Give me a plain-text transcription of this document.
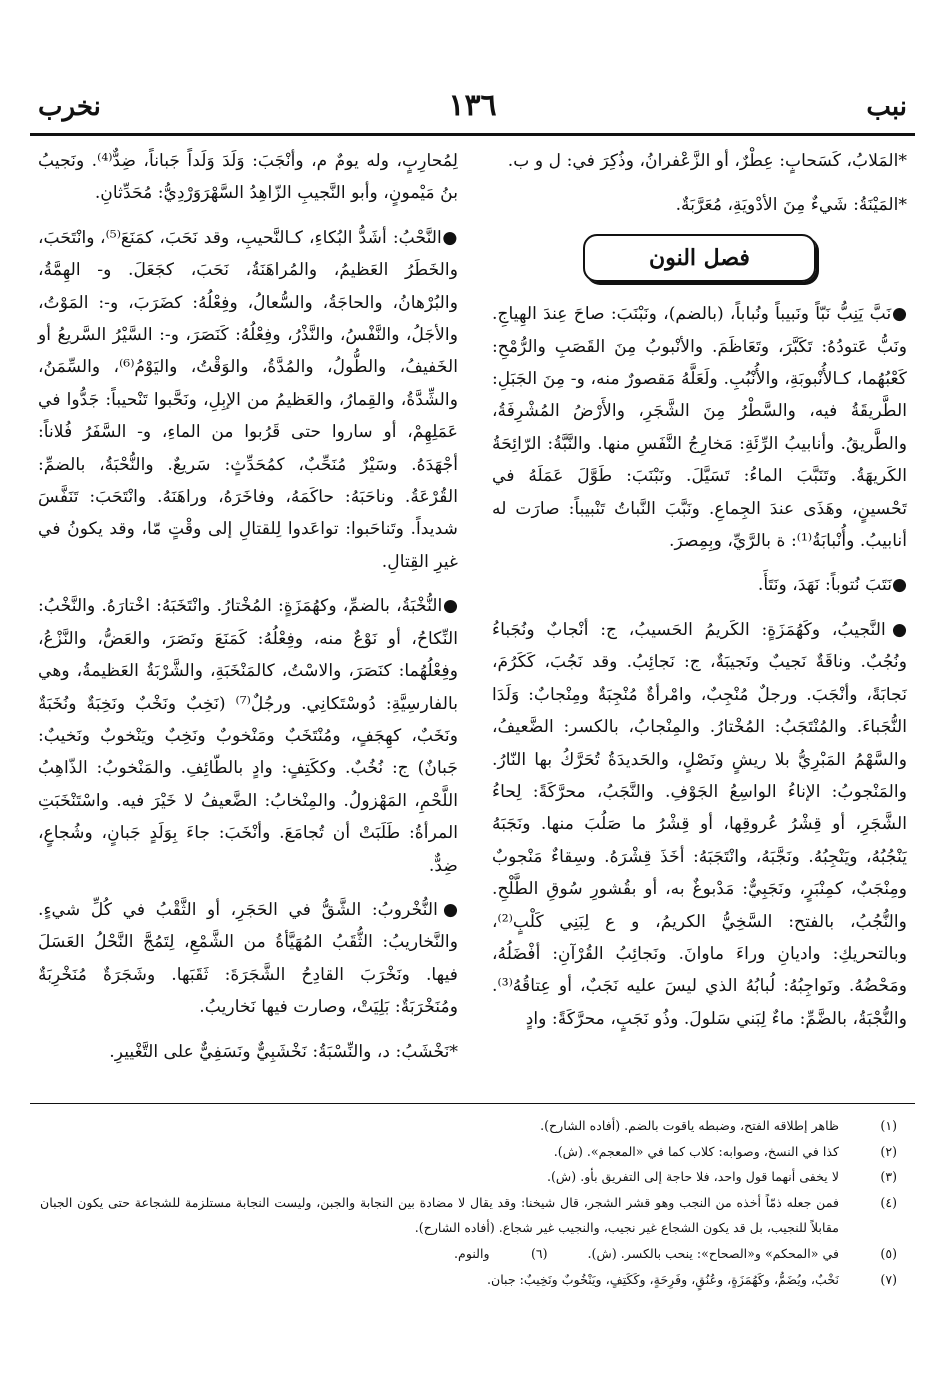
نبب
١٣٦
نخرب

*المَلابُ، كَسَحابٍ: عِطْرٌ، أو الزَّعْفرانُ، وذُكِرَ في: ل و ب.

*المَيْنَةُ: شَيءٌ مِنَ الأدْويَةِ، مُعَرَّبَةٌ.

فصل النون

●نَبَّ يَنِبُّ نَبّاً ونَبيباً ونُباباً، (بالضم)، ونَبْنَبَ: صاحَ عِندَ الهِياجِ. ونَبُّ عَتودُهُ: تَكَبَّرَ، وتَعَاظَمَ. والأنْبوبُ مِنَ القَصَبِ والرُّمْحِ: كَعْبُهُما، كـالأُنْبوبَةِ، والأُنْبُبِ. ولَعَلَّهُ مَقصورٌ منه، و- مِنَ الجَبَلِ: الطَّريقَةُ فيه، والسَّطْرُ مِنَ الشَّجَرِ، والأَرْضُ المُشْرِفَةُ، والطَّريقُ. وأنابيبُ الرِّئَةِ: مَخارِجُ النَّفَسِ منها. والنَّبَّةُ: الرّائِحَةُ الكَريهَةُ. وتَنَبَّبَ الماءُ: تَسَيَّلَ. ونَبْنَبَ: طَوَّلَ عَمَلَهُ في تَحْسينٍ، وهَذَى عندَ الجِماعِ. ونَبَّبَ النَّباتُ تَنْبيباً: صارَت له أنابيبُ. وأُنْبابَةُ⁽¹⁾: ة بالرَّيِّ، وبِمِصرَ.

●نَتَبَ نُتوباً: نَهَدَ، ونَتَأَ.

●النَّجيبُ، وكَهُمَزَةٍ: الكَريمُ الحَسيبُ، ج: أنْجابٌ ونُجَباءُ ونُجُبٌ. وناقَةٌ نَجيبٌ ونَجيبَةٌ، ج: نَجائِبُ. وقد نَجُبَ، كَكَرُمَ، نَجابَةً، وأنْجَبَ. ورجلٌ مُنْجِبٌ، وامْرأةٌ مُنْجِبَةٌ ومِنْجابٌ: وَلَدَا النُّجَباءَ. والمُنْتَجَبُ: المُخْتارُ. والمِنْجابُ، بالكسر: الضَّعيفُ، والسَّهْمُ المَبْرِيُّ بلا ريشٍ ونَصْلٍ، والحَديدَةُ تُحَرَّكُ بها النّارُ. والمَنْجوبُ: الإناءُ الواسِعُ الجَوْفِ. والنَّجَبُ، محرَّكَةً: لِحاءُ الشَّجَرِ، أو قِشْرُ عُروقِها، أو قِشْرُ ما صَلُبَ منها. ونَجَبَهُ يَنْجُبُهُ، ويَنْجِبُهُ. ونَجَّبَهُ، وانْتَجَبَهُ: أخَذَ قِشْرَهُ. وسِقاءٌ مَنْجوبٌ ومِنْجَبٌ، كمِنْبَرٍ، ونَجَبِيٌّ: مَدْبوغٌ به، أو بقُشورِ سُوقِ الطَّلْحِ. والنُّجُبُ، بالفتح: السَّخِيُّ الكريمُ، و ع لِبَنِي كَلْبٍ⁽²⁾، وبالتحريكِ: واديانِ وراءَ ماوانَ. ونَجائِبُ القُرْآنِ: أفْضَلُهُ، ومَحْضُهُ. ونَواجِبُهُ: لُبابُهُ الذي ليسَ عليه نَجَبٌ، أو عِتاقُهُ⁽³⁾. والنُّجْبَةُ، بالضَّمِّ: ماءٌ لِبَني سَلولَ. وذُو نَجَبٍ، محرَّكَةً: وادٍ

لِمُحارِبٍ، وله يومٌ م، وأنْجَبَ: وَلَدَ وَلَداً جَباناً، ضِدٌّ⁽⁴⁾. ونَجيبُ بنُ مَيْمونٍ، وأبو النَّجيبِ الزّاهِدُ السَّهْرَوَرْدِيُّ: مُحَدِّثانِ.

●النَّحْبُ: أشَدُّ البُكاءِ، كـالنَّحيبِ، وقد نَحَبَ، كمَنَعَ⁽⁵⁾، وانْتَحَبَ، والخَطَرُ العَظيمُ، والمُراهَنَةُ، نَحَبَ، كجَعَلَ. و- الهِمَّةُ، والبُرْهانُ، والحاجَةُ، والسُّعالُ، وفِعْلُهُ: كضَرَبَ، و-: المَوْتُ، والأجَلُ، والنَّفْسُ، والنَّذْرُ، وفِعْلُهُ: كَنَصَرَ، و-: السَّيْرُ السَّريعُ أو الخَفيفُ، والطُّولُ، والمُدَّةُ، والوَقْتُ، واليَوْمُ⁽⁶⁾، والسِّمَنُ، والشِّدَّةُ، والقِمارُ، والعَظيمُ من الإبِلِ، ونَحَّبوا تَنْحيباً: جَدُّوا في عَمَلِهِمْ، أو ساروا حتى قَرُبوا من الماءِ، و- السَّفَرُ فُلاناً: أجْهَدَهُ. وسَيْرٌ مُنَحِّبٌ، كمُحَدِّثٍ: سَريعٌ. والنُّحْبَةُ، بالضمِّ: القُرْعَةُ. وناحَبَهُ: حاكَمَهُ، وفاخَرَهُ، وراهَنَهُ. وانْتَحَبَ: تَنَفَّسَ شديداً. وتَناحَبوا: تواعَدوا لِلقتالِ إلى وقْتٍ مّا، وقد يكونُ في غيرِ القِتالِ.

●النُّخْبَةُ، بالضمِّ، وكهُمَزَةٍ: المُخْتارُ. وانْتَخَبَهُ: اخْتارَهُ. والنَّخْبُ: النِّكاحُ، أو نَوْعٌ منه، وفِعْلُهُ: كَمَنَعَ ونَصَرَ، والعَضُّ، والنَّزْعُ، وفِعْلُهُما: كنَصَرَ، والاسْتُ، كالمَنْخَبَةِ، والشَّرْبَةُ العَظيمةُ، وهي بالفارسِيَّةِ: دُوسْتَكانِي. ورجُلٌ⁽⁷⁾ (نَخِبٌ ونَخْبٌ ونَخِبَةٌ ونُخَبَةٌ ونَخَبٌ، كهِجَفٍ، ومُنْتَخَبٌ ومَنْخوبٌ ونَخِبٌ ويَنْخوبٌ ونَخيبٌ: جَبانٌ) ج: نُخُبٌ. وككَتِفٍ: وادٍ بالطّائِفِ. والمَنْخوبُ: الذّاهِبُ اللَّحْمِ، المَهْزولُ. والمِنْخابُ: الضَّعيفُ لا خَيْرَ فيه. واسْتَنْخَبَتِ المرأةُ: طَلَبَتْ أن تُجامَعَ. وأنْخَبَ: جاءَ بِوَلَدٍ جَبانٍ، وشُجاعٍ، ضِدٌّ.

●النُّخْروبُ: الشَّقُّ في الحَجَرِ، أو الثَّقْبُ في كُلِّ شيءٍ. والنَّخاريبُ: الثُّقَبُ المُهَيَّأةُ من الشَّمْعِ، لِتَمُجَّ النَّحْلُ العَسَلَ فيها. ونَخْرَبَ القادِحُ الشَّجَرَةَ: ثَقَبَها. وشَجَرَةٌ مُنَخْرِبَةٌ ومُنَخْرَبَةٌ: بَلِيَتْ، وصارت فيها نَخاريبُ.

*نَخْشَبُ: د، والنِّسْبَةُ: نَخْشَبِيٌّ ونَسَفِيٌّ على التَّغْييرِ.

(١)
ظاهر إطلاقه الفتح، وضبطه ياقوت بالضم. (أفاده الشارح).
(٢)
كذا في النسخ، وصوابه: كلاب كما في «المعجم». (ش).
(٣)
لا يخفى أنهما قول واحد، فلا حاجة إلى التفريق بأو. (ش).
(٤)
فمن جعله ذمّاً أخذه من النجب وهو قشر الشجر، قال شيخنا: وقد يقال لا مضادة بين النجابة والجبن، وليست النجابة مستلزمة للشجاعة حتى يكون الجبان مقابلاً للنجيب، بل قد يكون الشجاع غير نجيب، والنجيب غير شجاع. (أفاده الشارح).
(٥)
في «المحكم» و«الصحاح»: ينحب بالكسر. (ش).
(٦)
والنوم.
(٧)
نَخْبٌ، ويُضَمُّ، وكَهُمَزَةٍ، وعُنُقٍ، وفَرِحَةٍ، وكَكَتِفٍ، ويَنْخُوبٌ ونَخِيبٌ: جبان.
